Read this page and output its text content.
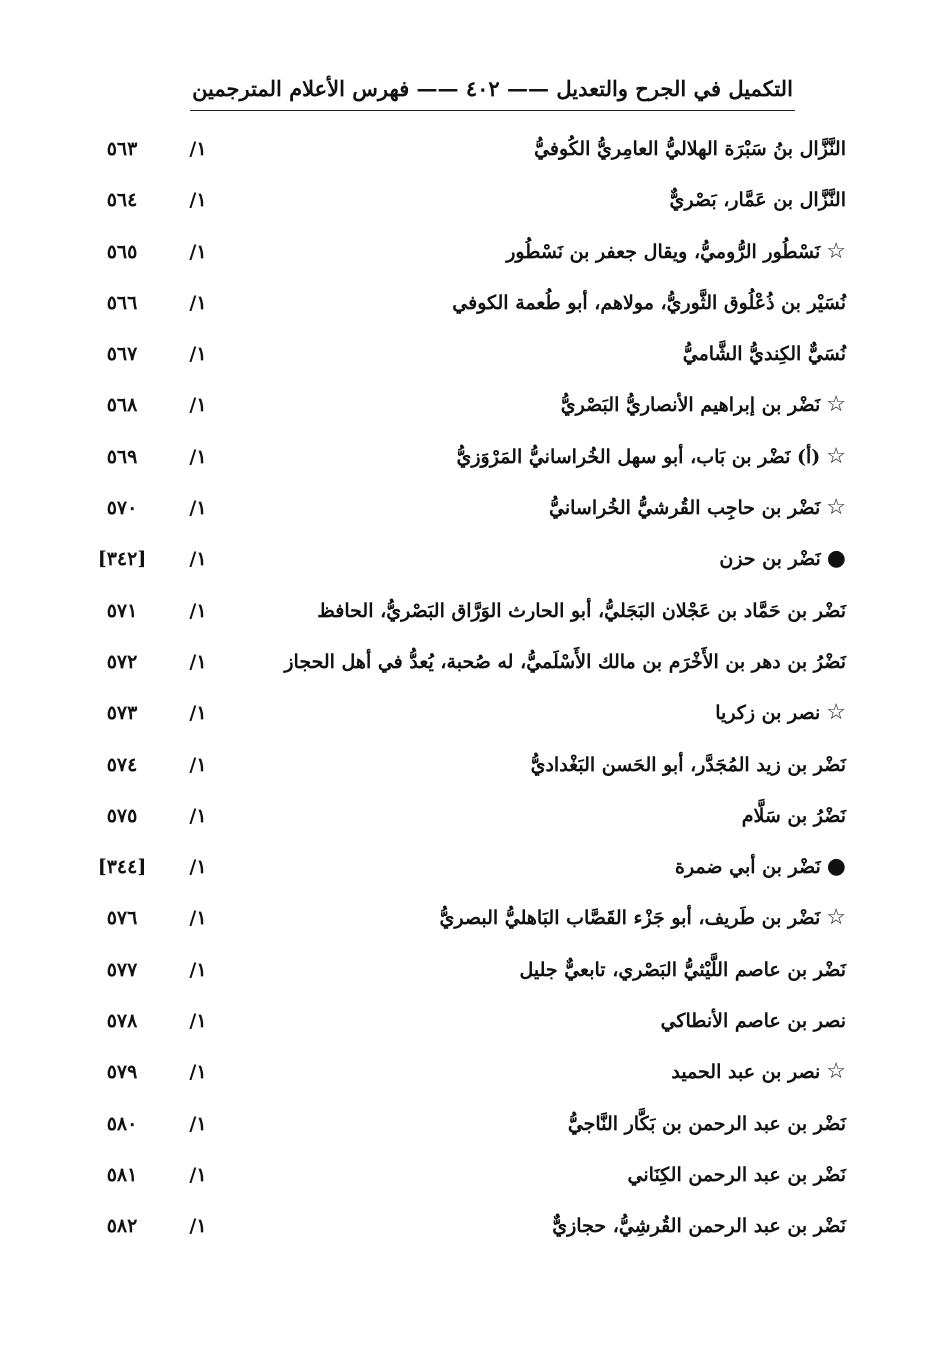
التكميل في الجرح والتعديل —— ٤٠٢ —— فهرس الأعلام المترجمين
النَّزَّال بنُ سَبْرَة الهلاليُّ العامِريُّ الكُوفيُّ
١/
٥٦٣
النَّزَّال بن عَمَّار، بَصْريٌّ
١/
٥٦٤
☆نَسْطُور الرُّوميُّ، ويقال جعفر بن نَسْطُور
١/
٥٦٥
نُسَيْر بن ذُعْلُوق الثَّوريُّ، مولاهم، أبو طُعمة الكوفي
١/
٥٦٦
نُسَيٌّ الكِنديُّ الشَّاميُّ
١/
٥٦٧
☆نَضْر بن إبراهيم الأنصاريُّ البَصْريُّ
١/
٥٦٨
☆(أ) نَضْر بن بَاب، أبو سهل الخُراسانيُّ المَرْوَزيُّ
١/
٥٦٩
☆نَضْر بن حاجِب القُرشيُّ الخُراسانيُّ
١/
٥٧٠
●نَضْر بن حزن
١/
[٣٤٢]
نَضْر بن حَمَّاد بن عَجْلان البَجَليُّ، أبو الحارث الوَرَّاق البَصْريُّ، الحافظ
١/
٥٧١
نَضْرُ بن دهر بن الأَخْرَم بن مالك الأَسْلَميُّ، له صُحبة، يُعدُّ في أهل الحجاز
١/
٥٧٢
☆نصر بن زكريا
١/
٥٧٣
نَضْر بن زيد المُجَدَّر، أبو الحَسن البَغْداديُّ
١/
٥٧٤
نَضْرُ بن سَلَّام
١/
٥٧٥
●نَضْر بن أبي ضمرة
١/
[٣٤٤]
☆نَضْر بن طَريف، أبو جَزْء القَصَّاب البَاهليُّ البصريُّ
١/
٥٧٦
نَضْر بن عاصم اللَّيْثيُّ البَصْري، تابعيٌّ جليل
١/
٥٧٧
نصر بن عاصم الأنطاكي
١/
٥٧٨
☆نصر بن عبد الحميد
١/
٥٧٩
نَضْر بن عبد الرحمن بن بَكَّار النَّاجيُّ
١/
٥٨٠
نَضْر بن عبد الرحمن الكِنَاني
١/
٥٨١
نَضْر بن عبد الرحمن القُرشِيُّ، حجازيٌّ
١/
٥٨٢
